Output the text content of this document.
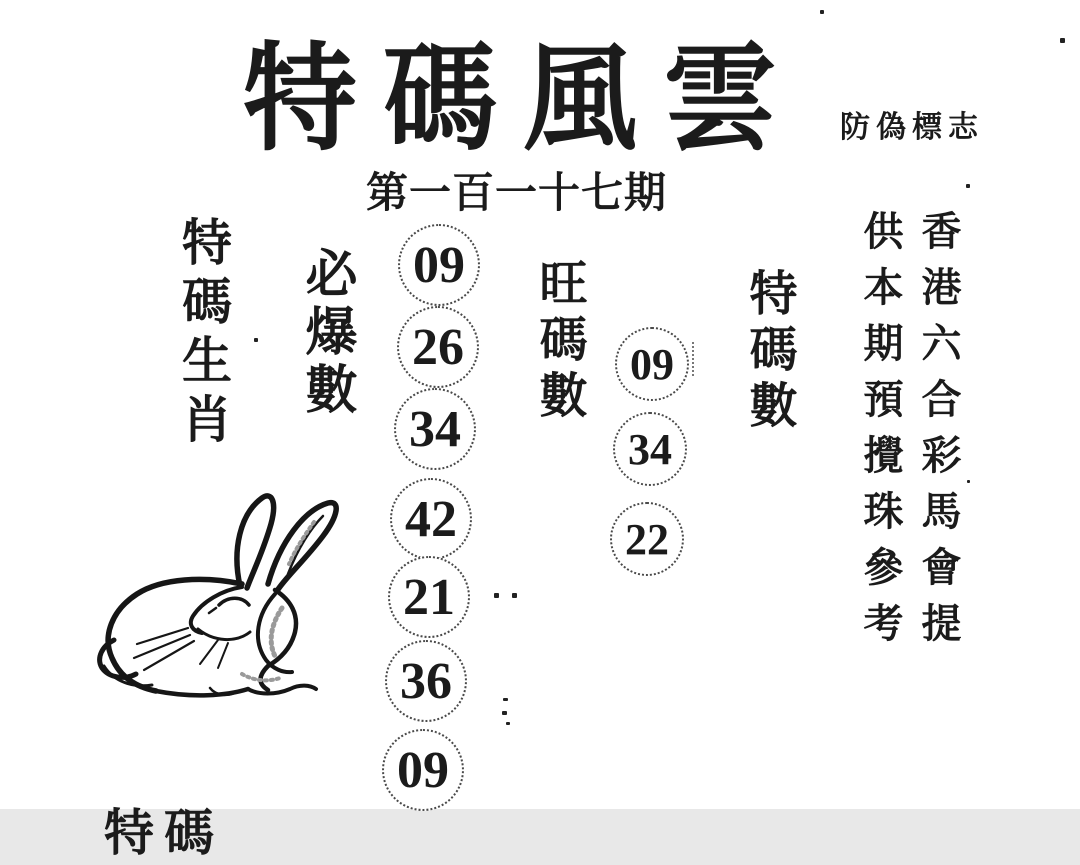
特碼風雲 防偽標志
第一百一十七期
特碼生肖 必爆數	旺碼數	特碼數
09
26
34
42
21
36
09
09
34
22	香港六合彩馬會提供本期預攪珠參考
特碼
